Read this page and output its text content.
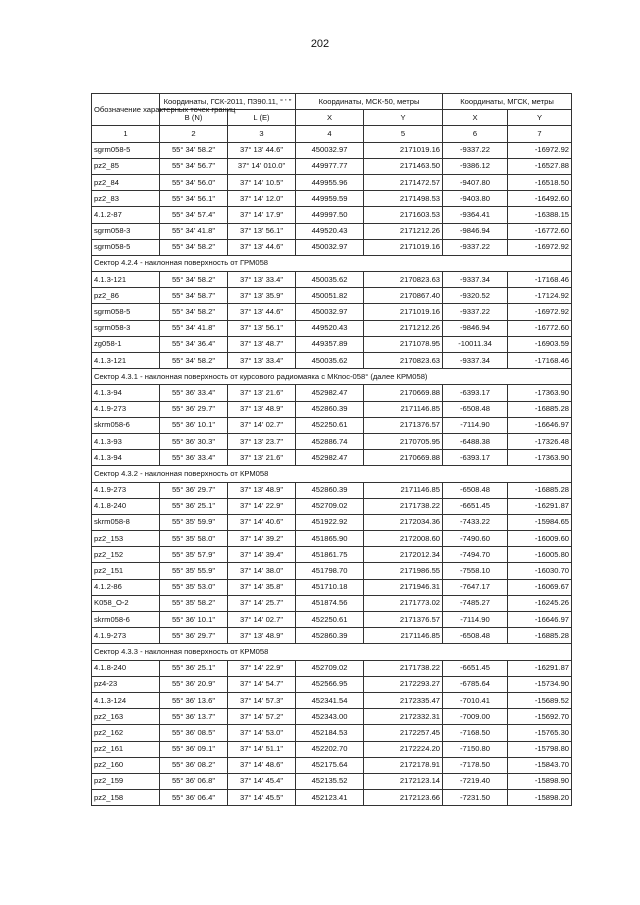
202
Обозначение характерных точек границ	Координаты, ГСК-2011, ПЗ90.11, ° ' "		Координаты, МСК-50, метры		Координаты, МГСК, метры	
	B (N)	L (E)	X	Y	X	Y
1	2	3	4	5	6	7
sgrm058-5	55° 34' 58.2"	37° 13' 44.6"	450032.97	2171019.16	-9337.22	-16972.92
pz2_85	55° 34' 56.7"	37° 14' 010.0"	449977.77	2171463.50	-9386.12	-16527.88
pz2_84	55° 34' 56.0"	37° 14' 10.5"	449955.96	2171472.57	-9407.80	-16518.50
pz2_83	55° 34' 56.1"	37° 14' 12.0"	449959.59	2171498.53	-9403.80	-16492.60
4.1.2-87	55° 34' 57.4"	37° 14' 17.9"	449997.50	2171603.53	-9364.41	-16388.15
sgrm058-3	55° 34' 41.8"	37° 13' 56.1"	449520.43	2171212.26	-9846.94	-16772.60
sgrm058-5	55° 34' 58.2"	37° 13' 44.6"	450032.97	2171019.16	-9337.22	-16972.92
Сектор 4.2.4 - наклонная поверхность от ГРМ058						
4.1.3-121	55° 34' 58.2"	37° 13' 33.4"	450035.62	2170823.63	-9337.34	-17168.46
pz2_86	55° 34' 58.7"	37° 13' 35.9"	450051.82	2170867.40	-9320.52	-17124.92
sgrm058-5	55° 34' 58.2"	37° 13' 44.6"	450032.97	2171019.16	-9337.22	-16972.92
sgrm058-3	55° 34' 41.8"	37° 13' 56.1"	449520.43	2171212.26	-9846.94	-16772.60
zg058-1	55° 34' 36.4"	37° 13' 48.7"	449357.89	2171078.95	-10011.34	-16903.59
4.1.3-121	55° 34' 58.2"	37° 13' 33.4"	450035.62	2170823.63	-9337.34	-17168.46
Сектор 4.3.1 - наклонная поверхность от курсового радиомаяка с МКпос-058° (далее КРМ058)						
4.1.3-94	55° 36' 33.4"	37° 13' 21.6"	452982.47	2170669.88	-6393.17	-17363.90
4.1.9-273	55° 36' 29.7"	37° 13' 48.9"	452860.39	2171146.85	-6508.48	-16885.28
skrm058-6	55° 36' 10.1"	37° 14' 02.7"	452250.61	2171376.57	-7114.90	-16646.97
4.1.3-93	55° 36' 30.3"	37° 13' 23.7"	452886.74	2170705.95	-6488.38	-17326.48
4.1.3-94	55° 36' 33.4"	37° 13' 21.6"	452982.47	2170669.88	-6393.17	-17363.90
Сектор 4.3.2 - наклонная поверхность от КРМ058						
4.1.9-273	55° 36' 29.7"	37° 13' 48.9"	452860.39	2171146.85	-6508.48	-16885.28
4.1.8-240	55° 36' 25.1"	37° 14' 22.9"	452709.02	2171738.22	-6651.45	-16291.87
skrm058-8	55° 35' 59.9"	37° 14' 40.6"	451922.92	2172034.36	-7433.22	-15984.65
pz2_153	55° 35' 58.0"	37° 14' 39.2"	451865.90	2172008.60	-7490.60	-16009.60
pz2_152	55° 35' 57.9"	37° 14' 39.4"	451861.75	2172012.34	-7494.70	-16005.80
pz2_151	55° 35' 55.9"	37° 14' 38.0"	451798.70	2171986.55	-7558.10	-16030.70
4.1.2-86	55° 35' 53.0"	37° 14' 35.8"	451710.18	2171946.31	-7647.17	-16069.67
K058_O-2	55° 35' 58.2"	37° 14' 25.7"	451874.56	2171773.02	-7485.27	-16245.26
skrm058-6	55° 36' 10.1"	37° 14' 02.7"	452250.61	2171376.57	-7114.90	-16646.97
4.1.9-273	55° 36' 29.7"	37° 13' 48.9"	452860.39	2171146.85	-6508.48	-16885.28
Сектор 4.3.3 - наклонная поверхность от КРМ058						
4.1.8-240	55° 36' 25.1"	37° 14' 22.9"	452709.02	2171738.22	-6651.45	-16291.87
pz4-23	55° 36' 20.9"	37° 14' 54.7"	452566.95	2172293.27	-6785.64	-15734.90
4.1.3-124	55° 36' 13.6"	37° 14' 57.3"	452341.54	2172335.47	-7010.41	-15689.52
pz2_163	55° 36' 13.7"	37° 14' 57.2"	452343.00	2172332.31	-7009.00	-15692.70
pz2_162	55° 36' 08.5"	37° 14' 53.0"	452184.53	2172257.45	-7168.50	-15765.30
pz2_161	55° 36' 09.1"	37° 14' 51.1"	452202.70	2172224.20	-7150.80	-15798.80
pz2_160	55° 36' 08.2"	37° 14' 48.6"	452175.64	2172178.91	-7178.50	-15843.70
pz2_159	55° 36' 06.8"	37° 14' 45.4"	452135.52	2172123.14	-7219.40	-15898.90
pz2_158	55° 36' 06.4"	37° 14' 45.5"	452123.41	2172123.66	-7231.50	-15898.20
